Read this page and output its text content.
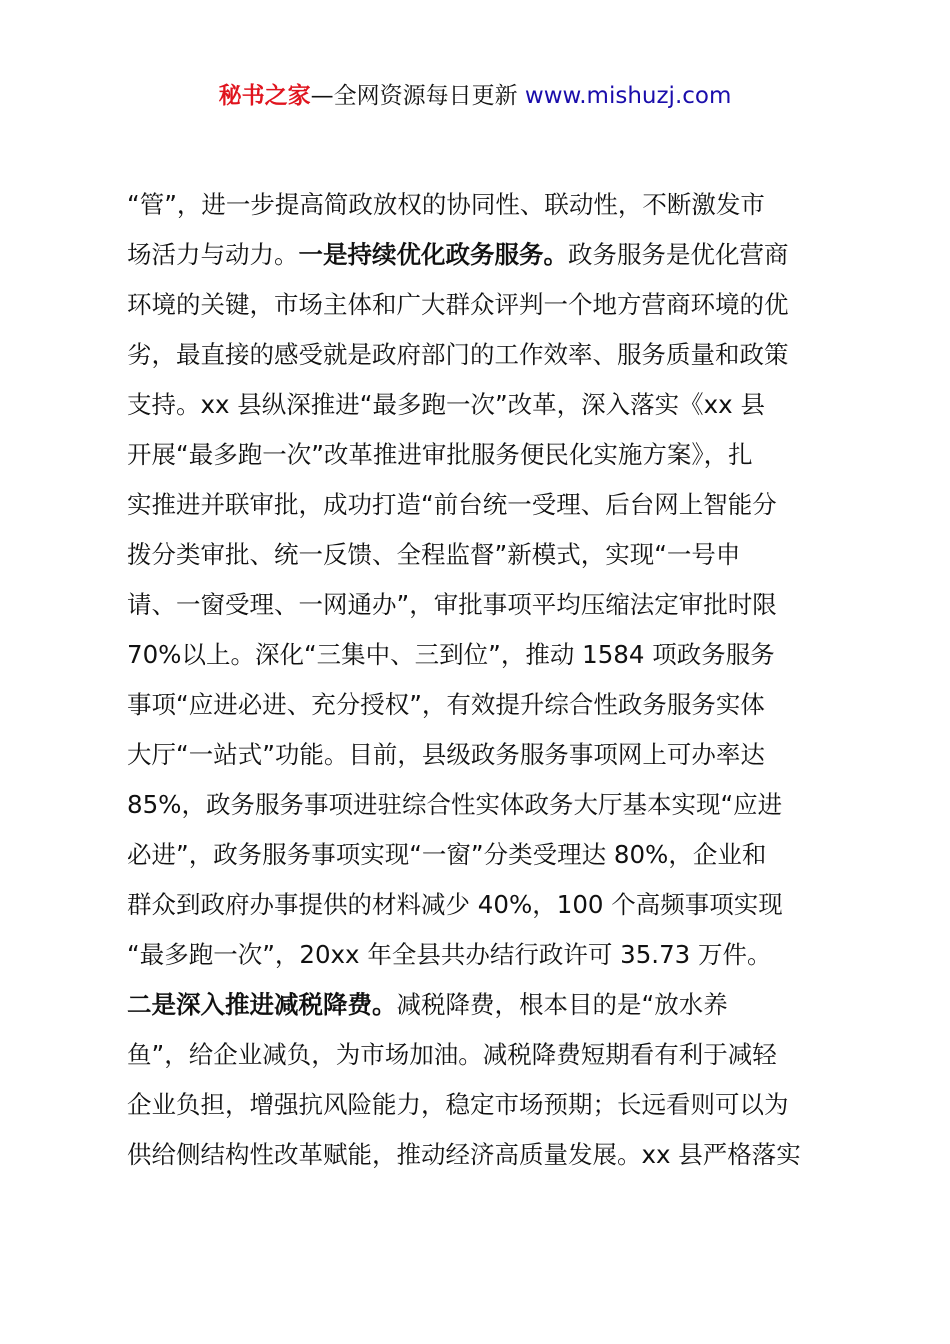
秘书之家—全网资源每日更新 www.mishuzj.com
“管”，进一步提高简政放权的协同性、联动性，不断激发市
场活力与动力。一是持续优化政务服务。政务服务是优化营商
环境的关键，市场主体和广大群众评判一个地方营商环境的优
劣，最直接的感受就是政府部门的工作效率、服务质量和政策
支持。xx 县纵深推进“最多跑一次”改革，深入落实《xx 县
开展“最多跑一次”改革推进审批服务便民化实施方案》，扎
实推进并联审批，成功打造“前台统一受理、后台网上智能分
拨分类审批、统一反馈、全程监督”新模式，实现“一号申
请、一窗受理、一网通办”，审批事项平均压缩法定审批时限
70%以上。深化“三集中、三到位”，推动 1584 项政务服务
事项“应进必进、充分授权”，有效提升综合性政务服务实体
大厅“一站式”功能。目前，县级政务服务事项网上可办率达
85%，政务服务事项进驻综合性实体政务大厅基本实现“应进
必进”，政务服务事项实现“一窗”分类受理达 80%，企业和
群众到政府办事提供的材料减少 40%，100 个高频事项实现
“最多跑一次”，20xx 年全县共办结行政许可 35.73 万件。
二是深入推进减税降费。减税降费，根本目的是“放水养
鱼”，给企业减负，为市场加油。减税降费短期看有利于减轻
企业负担，增强抗风险能力，稳定市场预期；长远看则可以为
供给侧结构性改革赋能，推动经济高质量发展。xx 县严格落实
